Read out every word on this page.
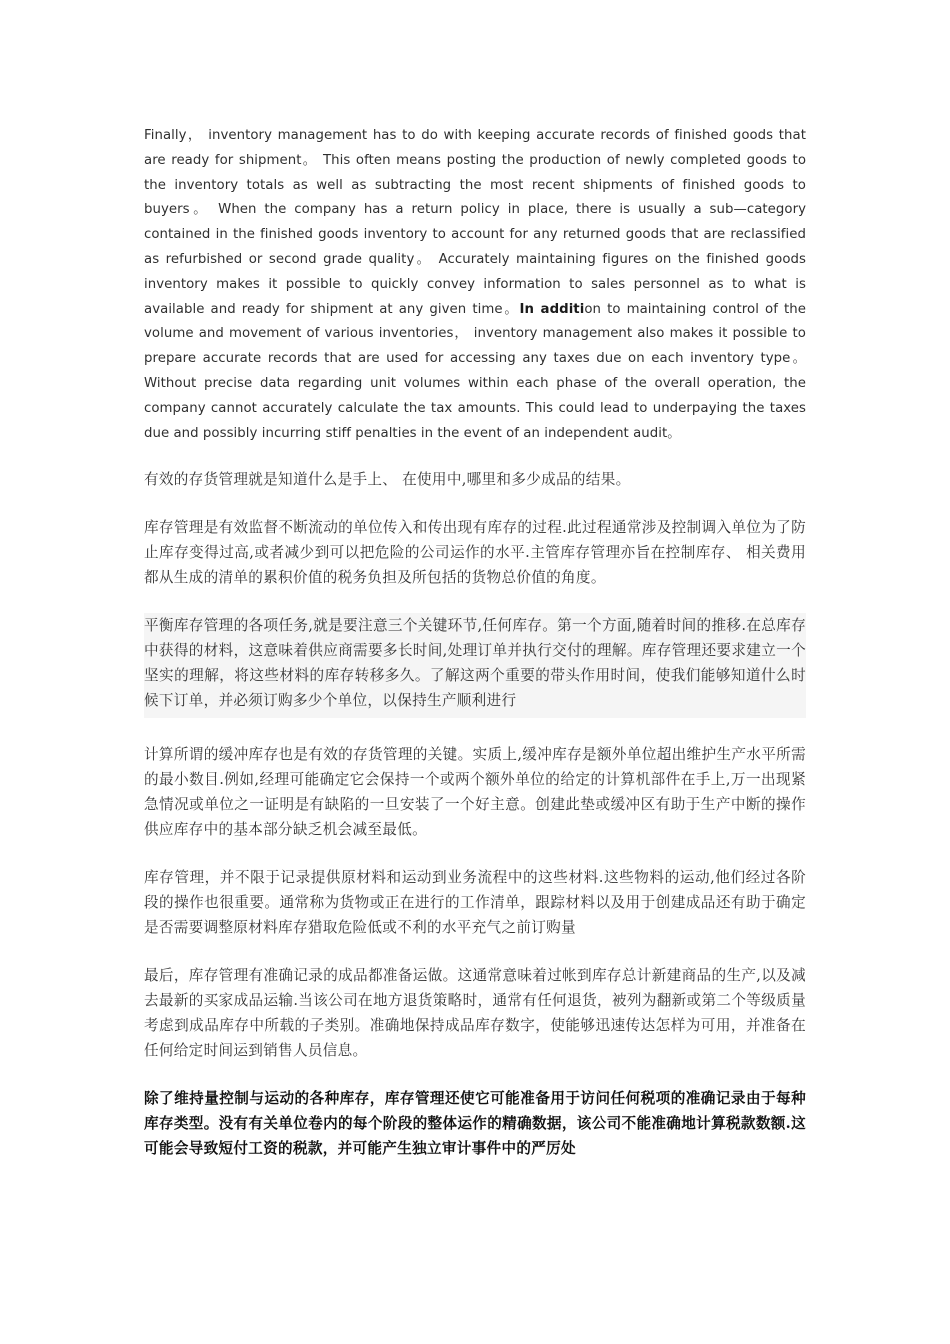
Finally， inventory management has to do with keeping accurate records of finished goods that are ready for shipment。 This often means posting the production of newly completed goods to the inventory totals as well as subtracting the most recent shipments of finished goods to buyers。 When the company has a return policy in place, there is usually a sub—category contained in the finished goods inventory to account for any returned goods that are reclassified as refurbished or second grade quality。 Accurately maintaining figures on the finished goods inventory makes it possible to quickly convey information to sales personnel as to what is available and ready for shipment at any given time。In addition to maintaining control of the volume and movement of various inventories， inventory management also makes it possible to prepare accurate records that are used for accessing any taxes due on each inventory type。 Without precise data regarding unit volumes within each phase of the overall operation, the company cannot accurately calculate the tax amounts. This could lead to underpaying the taxes due and possibly incurring stiff penalties in the event of an independent audit。

有效的存货管理就是知道什么是手上、 在使用中,哪里和多少成品的结果。

库存管理是有效监督不断流动的单位传入和传出现有库存的过程.此过程通常涉及控制调入单位为了防止库存变得过高,或者减少到可以把危险的公司运作的水平.主管库存管理亦旨在控制库存、 相关费用都从生成的清单的累积价值的税务负担及所包括的货物总价值的角度。

平衡库存管理的各项任务,就是要注意三个关键环节,任何库存。第一个方面,随着时间的推移.在总库存中获得的材料，这意味着供应商需要多长时间,处理订单并执行交付的理解。库存管理还要求建立一个坚实的理解，将这些材料的库存转移多久。了解这两个重要的带头作用时间，使我们能够知道什么时候下订单，并必须订购多少个单位，以保持生产顺利进行

计算所谓的缓冲库存也是有效的存货管理的关键。实质上,缓冲库存是额外单位超出维护生产水平所需的最小数目.例如,经理可能确定它会保持一个或两个额外单位的给定的计算机部件在手上,万一出现紧急情况或单位之一证明是有缺陷的一旦安装了一个好主意。创建此垫或缓冲区有助于生产中断的操作供应库存中的基本部分缺乏机会减至最低。

库存管理，并不限于记录提供原材料和运动到业务流程中的这些材料.这些物料的运动,他们经过各阶段的操作也很重要。通常称为货物或正在进行的工作清单，跟踪材料以及用于创建成品还有助于确定是否需要调整原材料库存猎取危险低或不利的水平充气之前订购量

最后，库存管理有准确记录的成品都准备运做。这通常意味着过帐到库存总计新建商品的生产,以及减去最新的买家成品运输.当该公司在地方退货策略时，通常有任何退货，被列为翻新或第二个等级质量考虑到成品库存中所载的子类别。准确地保持成品库存数字，使能够迅速传达怎样为可用，并准备在任何给定时间运到销售人员信息。

除了维持量控制与运动的各种库存，库存管理还使它可能准备用于访问任何税项的准确记录由于每种库存类型。没有有关单位卷内的每个阶段的整体运作的精确数据，该公司不能准确地计算税款数额.这可能会导致短付工资的税款，并可能产生独立审计事件中的严厉处
